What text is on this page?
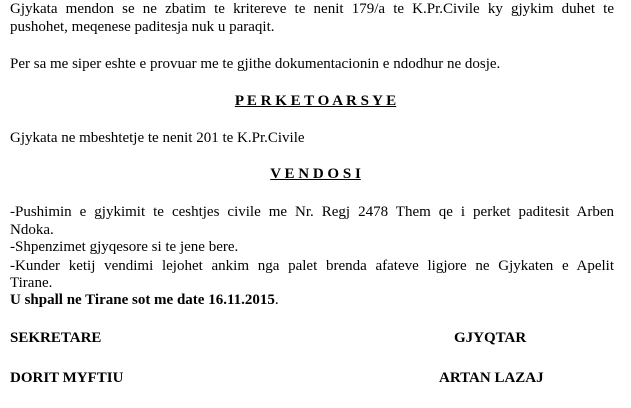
Gjykata mendon se ne zbatim te kritereve te nenit 179/a te K.Pr.Civile ky gjykim duhet te
pushohet, meqenese paditesja nuk u paraqit.
Per sa me siper eshte e provuar me te gjithe dokumentacionin e ndodhur ne dosje.
P E R K E T O A R S Y E
Gjykata ne mbeshtetje te nenit 201 te K.Pr.Civile
V E N D O S I
-Pushimin e gjykimit te ceshtjes civile me Nr. Regj 2478 Them qe i perket paditesit Arben
Ndoka.
-Shpenzimet gjyqesore si te jene bere.
-Kunder ketij vendimi lejohet ankim nga palet brenda afateve ligjore ne Gjykaten e Apelit
Tirane.
U shpall ne Tirane sot me date 16.11.2015.
SEKRETARE	GJYQTAR
DORIT MYFTIU	ARTAN LAZAJ
